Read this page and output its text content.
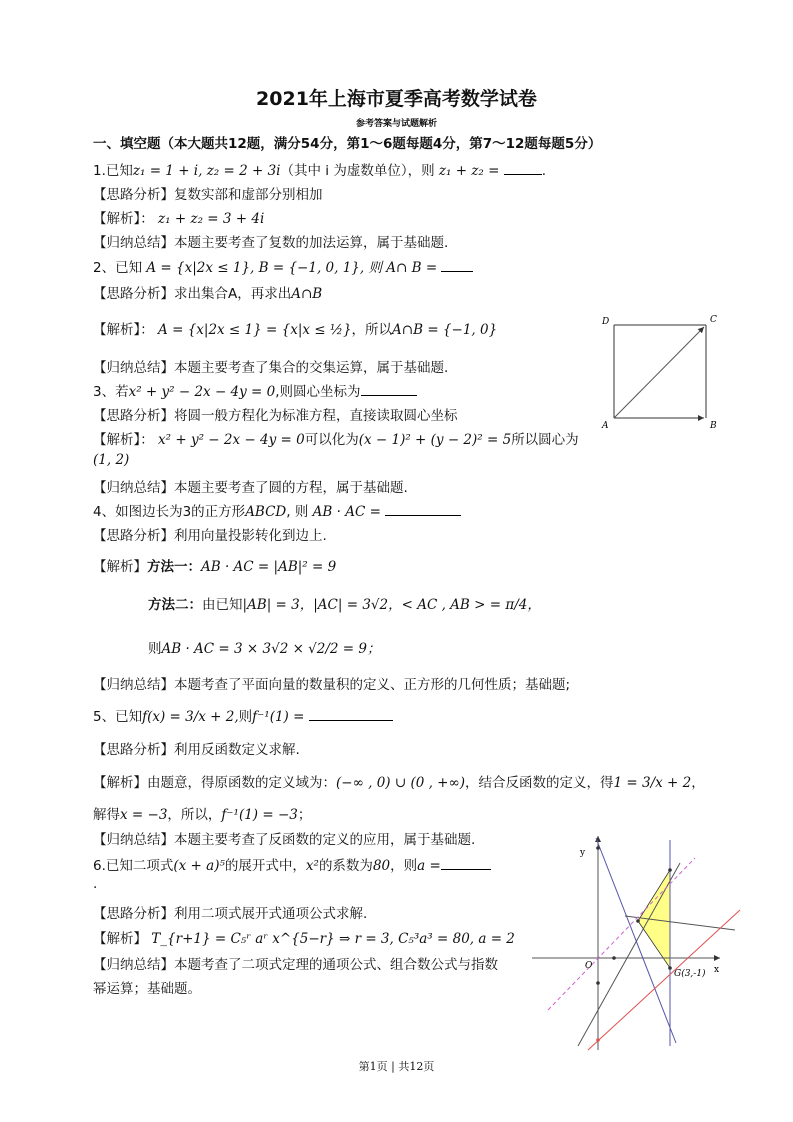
2021年上海市夏季高考数学试卷
参考答案与试题解析
一、填空题（本大题共12题，满分54分，第1～6题每题4分，第7～12题每题5分）
1.已知z₁ = 1 + i, z₂ = 2 + 3i（其中 i 为虚数单位），则 z₁ + z₂ =	.
【思路分析】复数实部和虚部分别相加
【解析】： z₁ + z₂ = 3 + 4i
【归纳总结】本题主要考查了复数的加法运算，属于基础题.
2、已知 A = {x|2x ≤ 1}, B = {−1, 0, 1}, 则 A∩ B =
【思路分析】求出集合A，再求出A∩B
【解析】： A = {x|2x ≤ 1} = {x|x ≤ ½}，所以A∩B = {−1, 0}
【归纳总结】本题主要考查了集合的交集运算，属于基础题.
3、若x² + y² − 2x − 4y = 0,则圆心坐标为
【思路分析】将圆一般方程化为标准方程，直接读取圆心坐标
【解析】： x² + y² − 2x − 4y = 0可以化为(x − 1)² + (y − 2)² = 5所以圆心为
(1, 2)
【归纳总结】本题主要考查了圆的方程，属于基础题.
4、如图边长为3的正方形ABCD, 则 AB · AC =
【思路分析】利用向量投影转化到边上.
【解析】方法一：AB · AC = |AB|² = 9
方法二：由已知|AB| = 3，|AC| = 3√2，< AC , AB > = π/4，
则AB · AC = 3 × 3√2 × √2/2 = 9；
【归纳总结】本题考查了平面向量的数量积的定义、正方形的几何性质；基础题;
5、已知f(x) = 3/x + 2,则f⁻¹(1) =
【思路分析】利用反函数定义求解.
【解析】由题意，得原函数的定义域为：(−∞ , 0) ∪ (0 , +∞)，结合反函数的定义，得1 = 3/x + 2，
解得x = −3，所以，f⁻¹(1) = −3；
【归纳总结】本题主要考查了反函数的定义的应用，属于基础题.
6.已知二项式(x + a)⁵的展开式中，x²的系数为80，则a =
.
【思路分析】利用二项式展开式通项公式求解.
【解析】 T_{r+1} = C₅ʳ aʳ x^{5−r} ⇒ r = 3, C₅³a³ = 80, a = 2
【归纳总结】本题考查了二项式定理的通项公式、组合数公式与指数
幂运算；基础题。
D	C
A	B
y
x
O
G(3,-1)
第1页 | 共12页
